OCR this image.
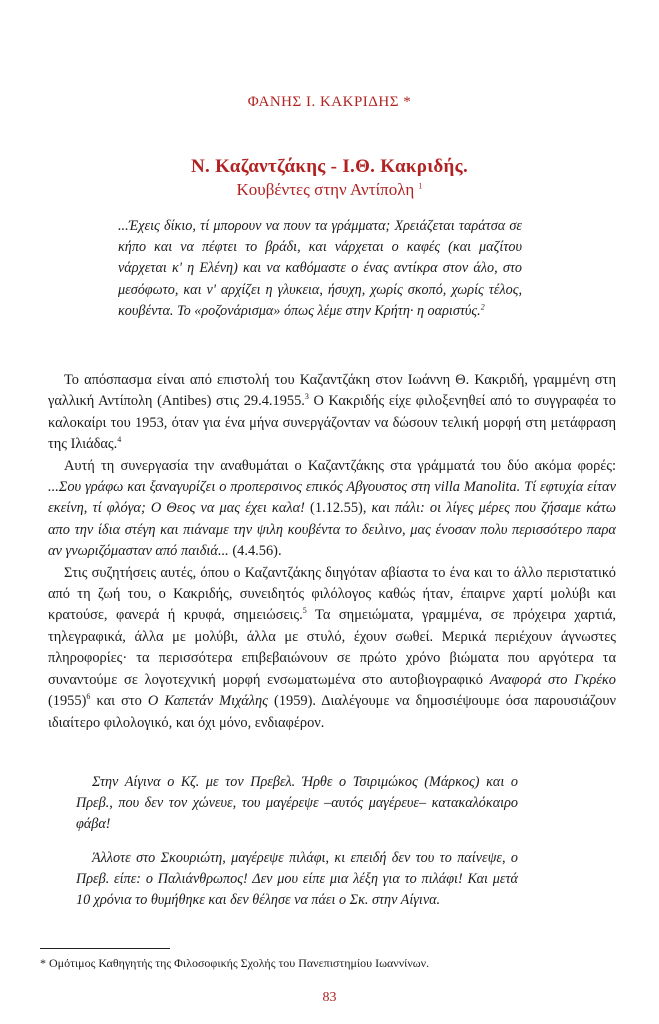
ΦΑΝΗΣ Ι. ΚΑΚΡΙΔΗΣ *
Ν. Καζαντζάκης - Ι.Θ. Κακριδής.
Κουβέντες στην Αντίπολη $^1$
...Έχεις δίκιο, τί μπορουν να πουν τα γράμματα; Χρειάζεται ταράτσα σε κήπο και να πέφτει το βράδι, και νάρχεται ο καφές (και μαζίτου νάρχεται κ' η Ελένη) και να καθόμαστε ο ένας αντίκρα στον άλο, στο μεσόφωτο, και ν' αρχίζει η γλυκεια, ήσυχη, χωρίς σκοπό, χωρίς τέλος, κουβέντα. Το «ροζονάρισμα» όπως λέμε στην Κρήτη· η οαριστύς.$^2$

Το απόσπασμα είναι από επιστολή του Καζαντζάκη στον Ιωάννη Θ. Κακριδή, γραμμένη στη γαλλική Αντίπολη (Antibes) στις 29.4.1955.$^3$ Ο Κακριδής είχε φιλοξενηθεί από το συγγραφέα το καλοκαίρι του 1953, όταν για ένα μήνα συνεργάζονταν να δώσουν τελική μορφή στη μετάφραση της Ιλιάδας.$^4$

Αυτή τη συνεργασία την αναθυμάται ο Καζαντζάκης στα γράμματά του δύο ακόμα φορές: ...Σου γράφω και ξαναγυρίζει ο προπερσινος επικός Αβγουστος στη villa Manolita. Τί εφτυχία είταν εκείνη, τί φλόγα; Ο Θεος να μας έχει καλα! (1.12.55), και πάλι: οι λίγες μέρες που ζήσαμε κάτω απο την ίδια στέγη και πιάναμε την ψιλη κουβέντα το δειλινο, μας ένοσαν πολυ περισσότερο παρα αν γνωριζόμασταν από παιδιά... (4.4.56).

Στις συζητήσεις αυτές, όπου ο Καζαντζάκης διηγόταν αβίαστα το ένα και το άλλο περιστατικό από τη ζωή του, ο Κακριδής, συνειδητός φιλόλογος καθώς ήταν, έπαιρνε χαρτί μολύβι και κρατούσε, φανερά ή κρυφά, σημειώσεις.$^5$ Τα σημειώματα, γραμμένα, σε πρόχειρα χαρτιά, τηλεγραφικά, άλλα με μολύβι, άλλα με στυλό, έχουν σωθεί. Μερικά περιέχουν άγνωστες πληροφορίες· τα περισσότερα επιβεβαιώνουν σε πρώτο χρόνο βιώματα που αργότερα τα συναντούμε σε λογοτεχνική μορφή ενσωματωμένα στο αυτοβιογραφικό Αναφορά στο Γκρέκο $(1955)^6$ και στο Ο Καπετάν Μιχάλης (1959). Διαλέγουμε να δημοσιέψουμε όσα παρουσιάζουν ιδιαίτερο φιλολογικό, και όχι μόνο, ενδιαφέρον.

Στην Αίγινα ο Κζ. με τον Πρεβελ. Ήρθε ο Τσιριμώκος (Μάρκος) και ο Πρεβ., που δεν τον χώνευε, του μαγέρεψε –αυτός μαγέρευε– κατακαλόκαιρο φάβα!

Άλλοτε στο Σκουριώτη, μαγέρεψε πιλάφι, κι επειδή δεν του το παίνεψε, ο Πρεβ. είπε: ο Παλιάνθρωπος! Δεν μου είπε μια λέξη για το πιλάφι! Και μετά 10 χρόνια το θυμήθηκε και δεν θέλησε να πάει ο Σκ. στην Αίγινα.

* Ομότιμος Καθηγητής της Φιλοσοφικής Σχολής του Πανεπιστημίου Ιωαννίνων.
83
